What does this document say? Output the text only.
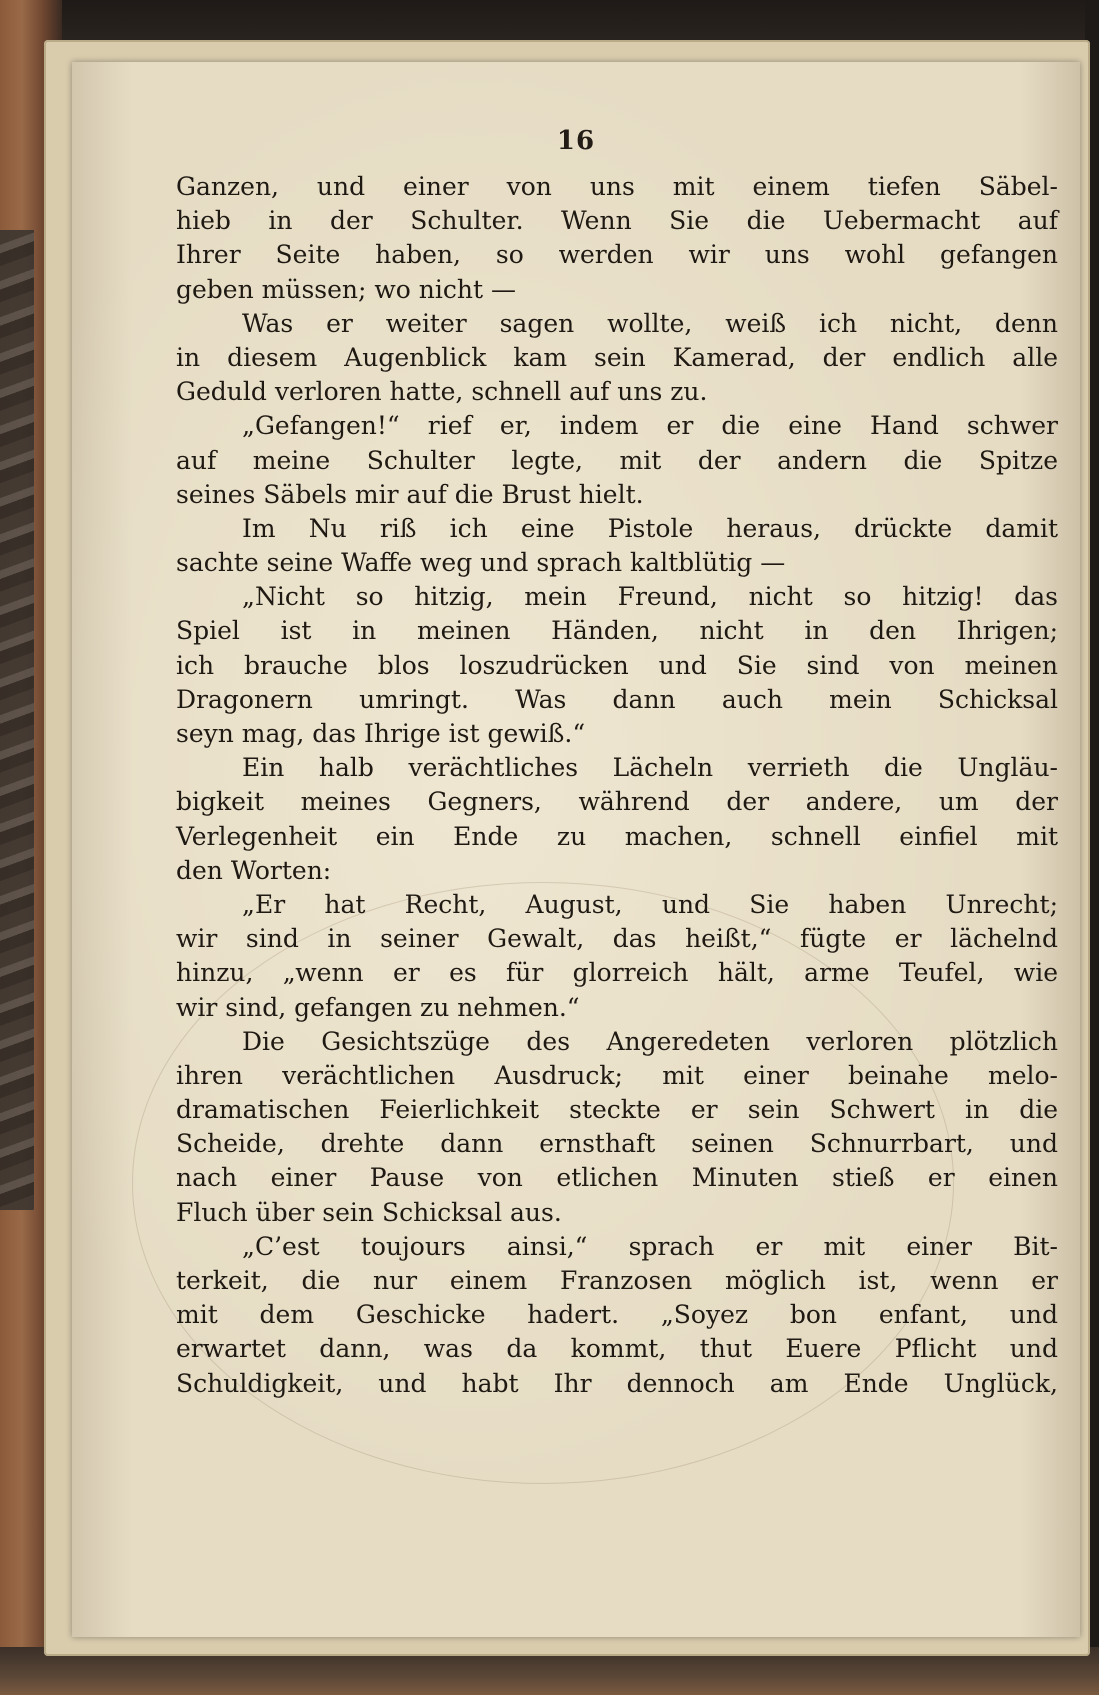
16
Ganzen, und einer von uns mit einem tiefen Säbel-
hieb in der Schulter. Wenn Sie die Uebermacht auf
Ihrer Seite haben, so werden wir uns wohl gefangen
geben müssen; wo nicht —
Was er weiter sagen wollte, weiß ich nicht, denn
in diesem Augenblick kam sein Kamerad, der endlich alle
Geduld verloren hatte, schnell auf uns zu.
„Gefangen!“ rief er, indem er die eine Hand schwer
auf meine Schulter legte, mit der andern die Spitze
seines Säbels mir auf die Brust hielt.
Im Nu riß ich eine Pistole heraus, drückte damit
sachte seine Waffe weg und sprach kaltblütig —
„Nicht so hitzig, mein Freund, nicht so hitzig! das
Spiel ist in meinen Händen, nicht in den Ihrigen;
ich brauche blos loszudrücken und Sie sind von meinen
Dragonern umringt. Was dann auch mein Schicksal
seyn mag, das Ihrige ist gewiß.“
Ein halb verächtliches Lächeln verrieth die Ungläu-
bigkeit meines Gegners, während der andere, um der
Verlegenheit ein Ende zu machen, schnell einfiel mit
den Worten:
„Er hat Recht, August, und Sie haben Unrecht;
wir sind in seiner Gewalt, das heißt,“ fügte er lächelnd
hinzu, „wenn er es für glorreich hält, arme Teufel, wie
wir sind, gefangen zu nehmen.“
Die Gesichtszüge des Angeredeten verloren plötzlich
ihren verächtlichen Ausdruck; mit einer beinahe melo-
dramatischen Feierlichkeit steckte er sein Schwert in die
Scheide, drehte dann ernsthaft seinen Schnurrbart, und
nach einer Pause von etlichen Minuten stieß er einen
Fluch über sein Schicksal aus.
„C’est toujours ainsi,“ sprach er mit einer Bit-
terkeit, die nur einem Franzosen möglich ist, wenn er
mit dem Geschicke hadert. „Soyez bon enfant, und
erwartet dann, was da kommt, thut Euere Pflicht und
Schuldigkeit, und habt Ihr dennoch am Ende Unglück,
